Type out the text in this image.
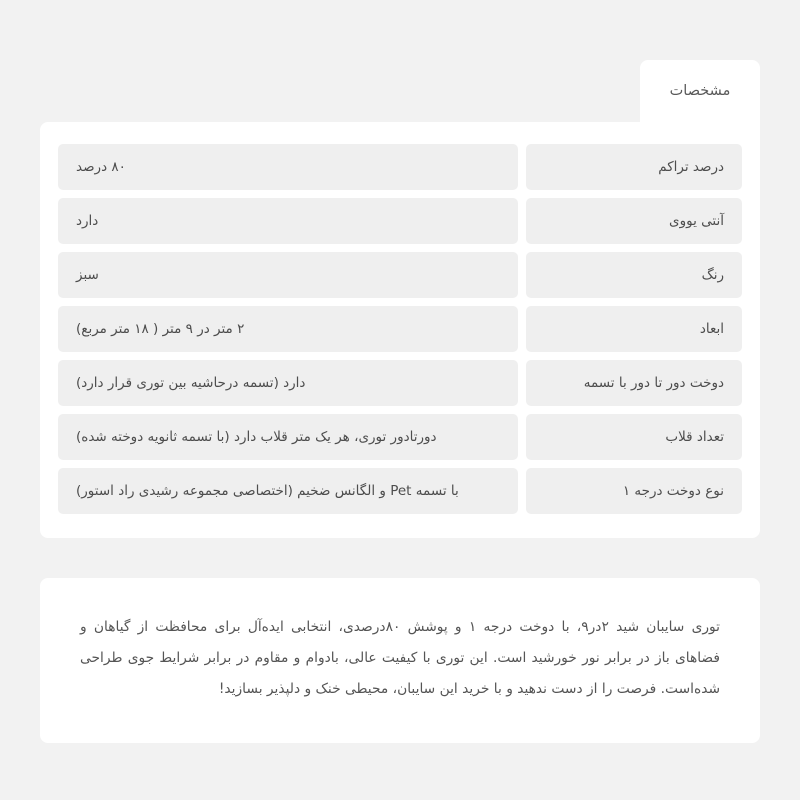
مشخصات
درصد تراکم
۸۰ درصد
آنتی یووی
دارد
رنگ
سبز
ابعاد
۲ متر در ۹ متر ( ۱۸ متر مربع)
دوخت دور تا دور با تسمه
دارد (تسمه درحاشیه بین توری قرار دارد)
تعداد قلاب
دورتادور توری، هر یک متر قلاب دارد (با تسمه ثانویه دوخته شده)
نوع دوخت درجه ۱
با تسمه Pet و الگانس ضخیم (اختصاصی مجموعه رشیدی راد استور)

توری سایبان شید ۲در۹، با دوخت درجه ۱ و پوشش ۸۰درصدی، انتخابی ایده‌آل برای محافظت از گیاهان و فضاهای باز در برابر نور خورشید است. این توری با کیفیت عالی، بادوام و مقاوم در برابر شرایط جوی طراحی شده‌است. فرصت را از دست ندهید و با خرید این سایبان، محیطی خنک و دلپذیر بسازید!
